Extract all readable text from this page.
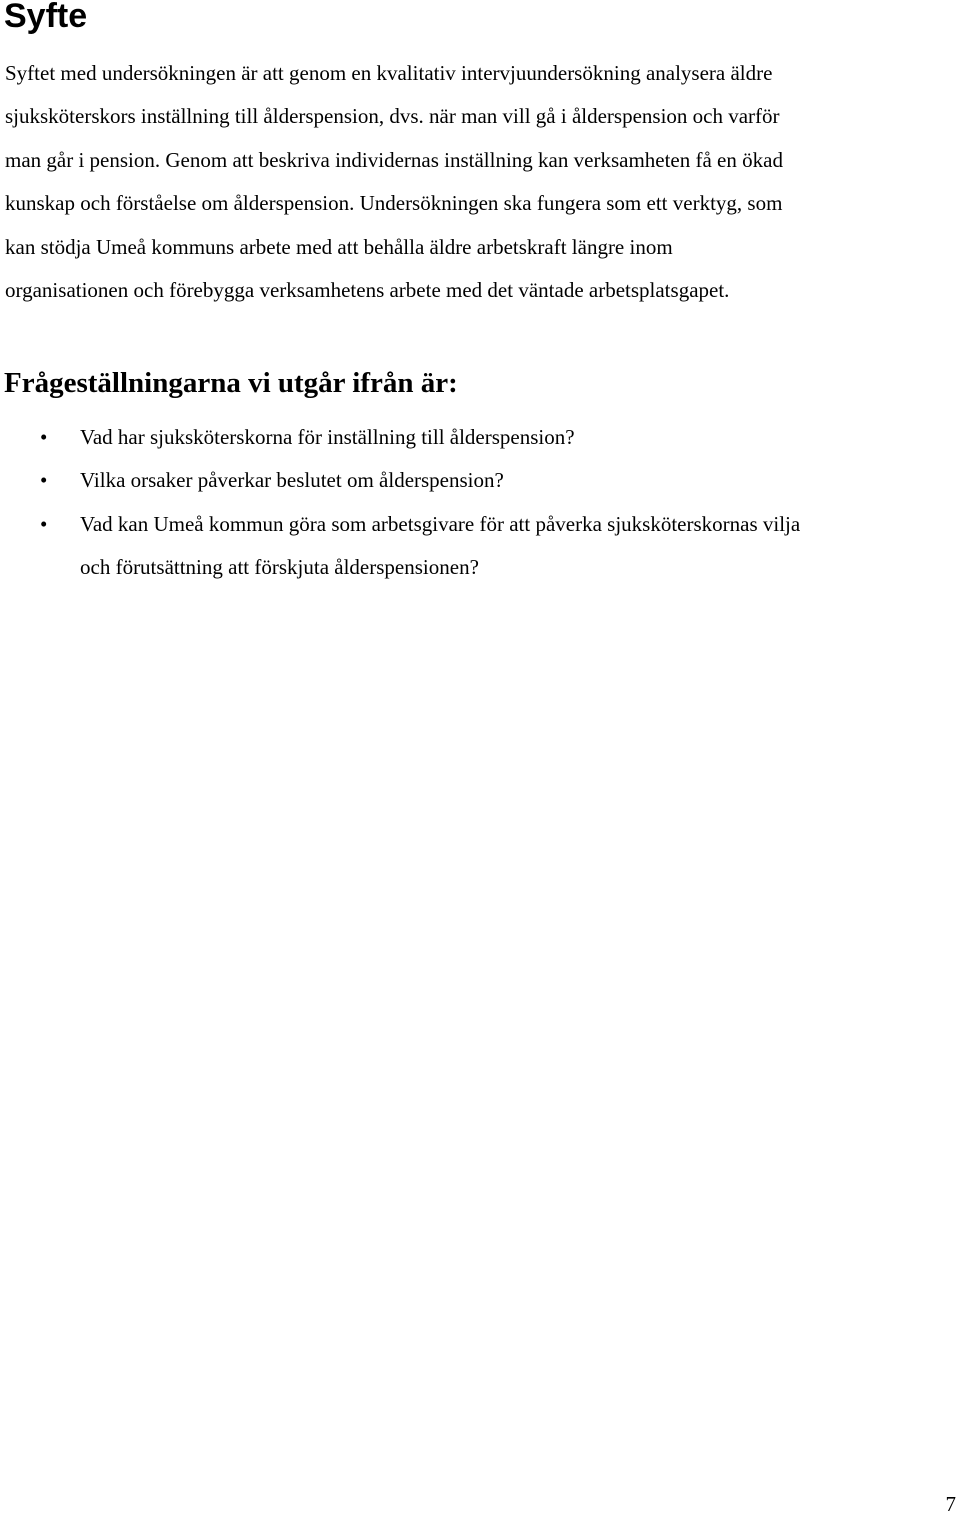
Syfte

Syftet med undersökningen är att genom en kvalitativ intervjuundersökning analysera äldre
sjuksköterskors inställning till ålderspension, dvs. när man vill gå i ålderspension och varför
man går i pension. Genom att beskriva individernas inställning kan verksamheten få en ökad
kunskap och förståelse om ålderspension. Undersökningen ska fungera som ett verktyg, som
kan stödja Umeå kommuns arbete med att behålla äldre arbetskraft längre inom
organisationen och förebygga verksamhetens arbete med det väntade arbetsplatsgapet.

Frågeställningarna vi utgår ifrån är:
• Vad har sjuksköterskorna för inställning till ålderspension?
• Vilka orsaker påverkar beslutet om ålderspension?
• Vad kan Umeå kommun göra som arbetsgivare för att påverka sjuksköterskornas vilja
och förutsättning att förskjuta ålderspensionen?
7
